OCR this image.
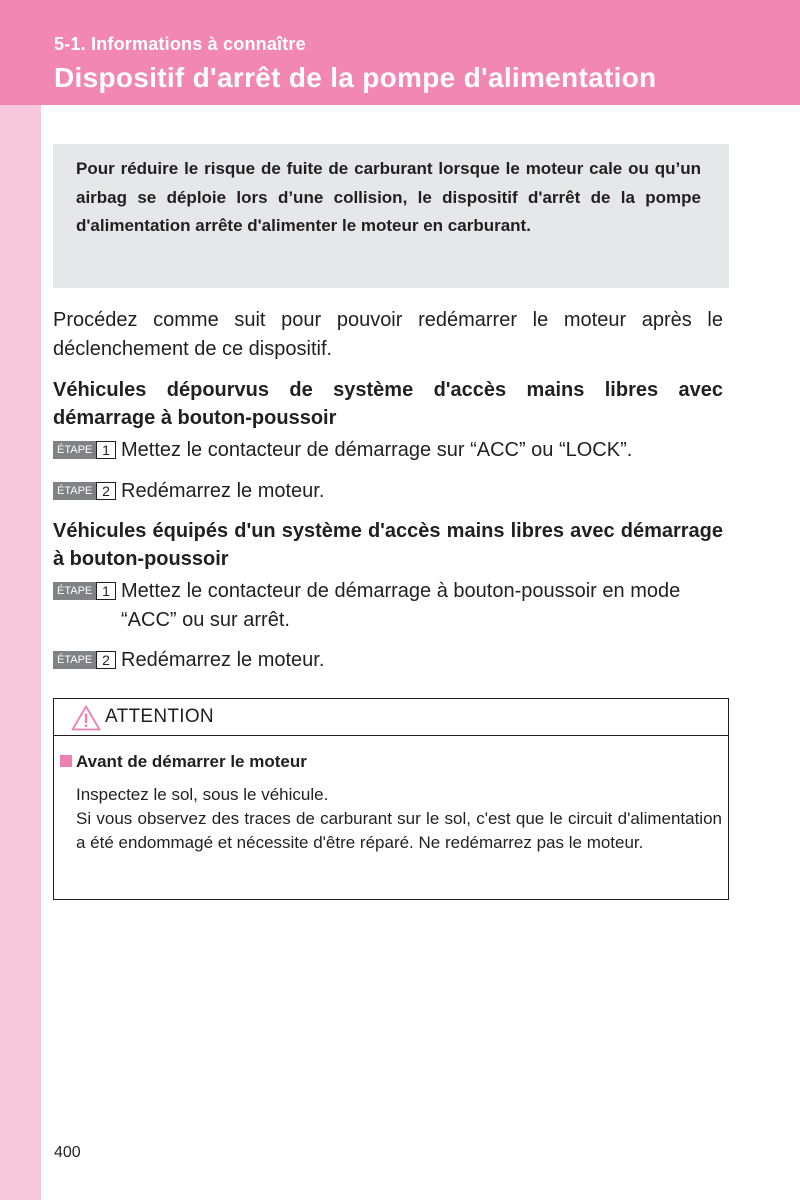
5-1. Informations à connaître
Dispositif d'arrêt de la pompe d'alimentation

Pour réduire le risque de fuite de carburant lorsque le moteur cale ou qu’un airbag se déploie lors d’une collision, le dispositif d'arrêt de la pompe d'alimentation arrête d'alimenter le moteur en carburant.

Procédez comme suit pour pouvoir redémarrer le moteur après le déclenchement de ce dispositif.

Véhicules dépourvus de système d'accès mains libres avec démarrage à bouton-poussoir

ÉTAPE 1 Mettez le contacteur de démarrage sur “ACC” ou “LOCK”.
ÉTAPE 2 Redémarrez le moteur.

Véhicules équipés d'un système d'accès mains libres avec démarrage à bouton-poussoir

ÉTAPE 1 Mettez le contacteur de démarrage à bouton-poussoir en mode “ACC” ou sur arrêt.
ÉTAPE 2 Redémarrez le moteur.
ATTENTION
Avant de démarrer le moteur

Inspectez le sol, sous le véhicule.

Si vous observez des traces de carburant sur le sol, c'est que le circuit d'alimentation a été endommagé et nécessite d'être réparé. Ne redémarrez pas le moteur.

400
